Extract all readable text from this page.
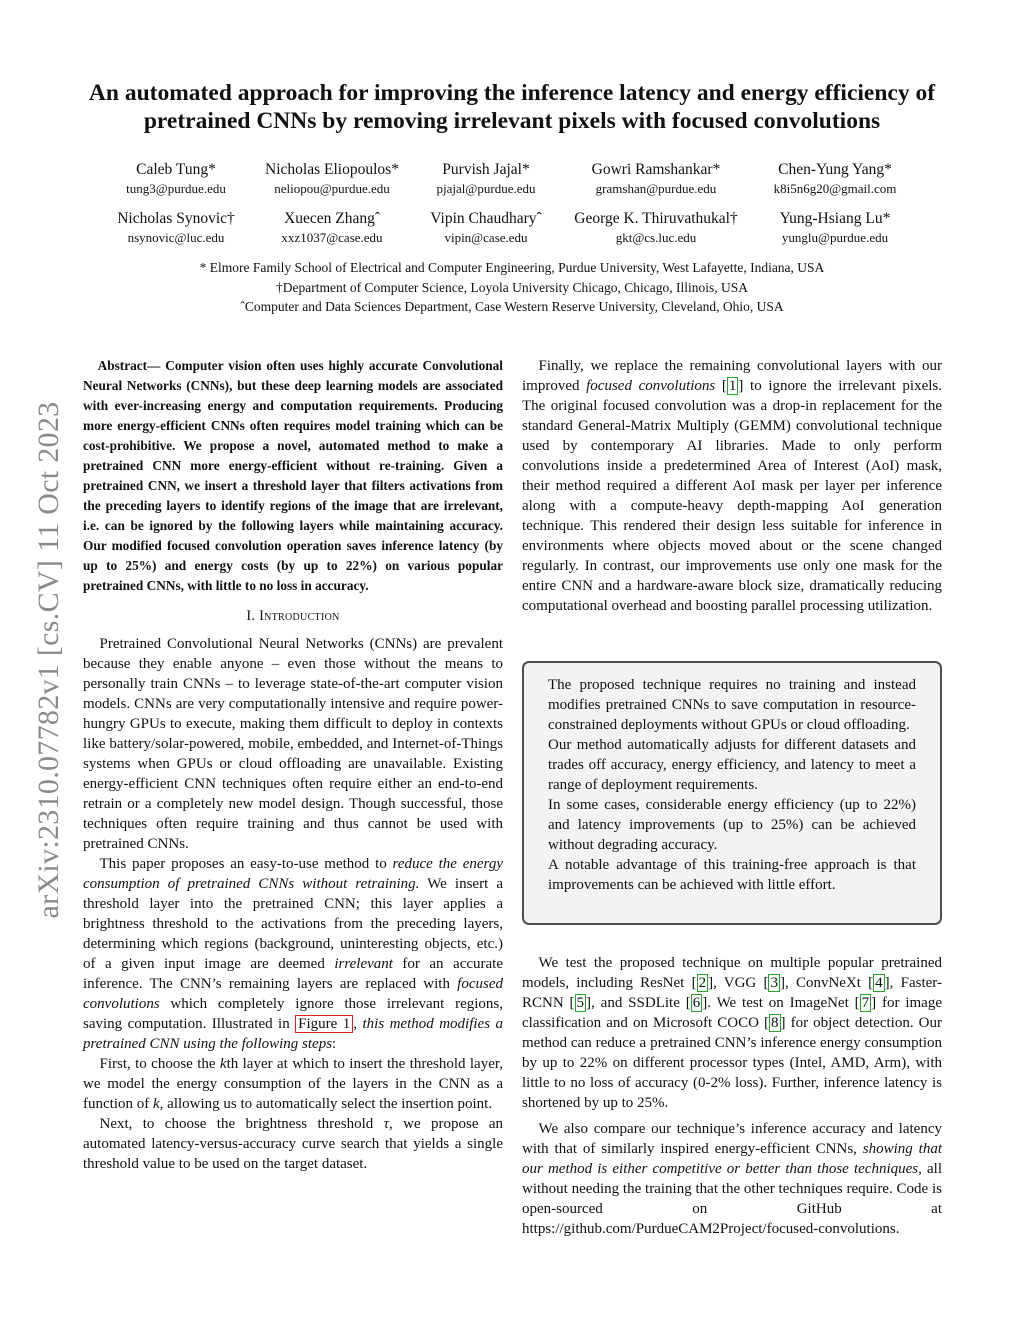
arXiv:2310.07782v1 [cs.CV] 11 Oct 2023
An automated approach for improving the inference latency and energy efficiency of
pretrained CNNs by removing irrelevant pixels with focused convolutions
Caleb Tung*
tung3@purdue.edu
Nicholas Eliopoulos*
neliopou@purdue.edu
Purvish Jajal*
pjajal@purdue.edu
Gowri Ramshankar*
gramshan@purdue.edu
Chen-Yung Yang*
k8i5n6g20@gmail.com
Nicholas Synovic†
nsynovic@luc.edu
Xuecen Zhangˆ
xxz1037@case.edu
Vipin Chaudharyˆ
vipin@case.edu
George K. Thiruvathukal†
gkt@cs.luc.edu
Yung-Hsiang Lu*
yunglu@purdue.edu
* Elmore Family School of Electrical and Computer Engineering, Purdue University, West Lafayette, Indiana, USA
†Department of Computer Science, Loyola University Chicago, Chicago, Illinois, USA
ˆComputer and Data Sciences Department, Case Western Reserve University, Cleveland, Ohio, USA

Abstract— Computer vision often uses highly accurate Convolutional Neural Networks (CNNs), but these deep learning models are associated with ever-increasing energy and computation requirements. Producing more energy-efficient CNNs often requires model training which can be cost-prohibitive. We propose a novel, automated method to make a pretrained CNN more energy-efficient without re-training. Given a pretrained CNN, we insert a threshold layer that filters activations from the preceding layers to identify regions of the image that are irrelevant, i.e. can be ignored by the following layers while maintaining accuracy. Our modified focused convolution operation saves inference latency (by up to 25%) and energy costs (by up to 22%) on various popular pretrained CNNs, with little to no loss in accuracy.

I. Introduction

Pretrained Convolutional Neural Networks (CNNs) are prevalent because they enable anyone – even those without the means to personally train CNNs – to leverage state-of-the-art computer vision models. CNNs are very computationally intensive and require power-hungry GPUs to execute, making them difficult to deploy in contexts like battery/solar-powered, mobile, embedded, and Internet-of-Things systems when GPUs or cloud offloading are unavailable. Existing energy-efficient CNN techniques often require either an end-to-end retrain or a completely new model design. Though successful, those techniques often require training and thus cannot be used with pretrained CNNs.

This paper proposes an easy-to-use method to reduce the energy consumption of pretrained CNNs without retraining. We insert a threshold layer into the pretrained CNN; this layer applies a brightness threshold to the activations from the preceding layers, determining which regions (background, uninteresting objects, etc.) of a given input image are deemed irrelevant for an accurate inference. The CNN’s remaining layers are replaced with focused convolutions which completely ignore those irrelevant regions, saving computation. Illustrated in Figure 1 , this method modifies a pretrained CNN using the following steps:

First, to choose the kth layer at which to insert the threshold layer, we model the energy consumption of the layers in the CNN as a function of k, allowing us to automatically select the insertion point.

Next, to choose the brightness threshold τ, we propose an automated latency-versus-accuracy curve search that yields a single threshold value to be used on the target dataset.

Finally, we replace the remaining convolutional layers with our improved focused convolutions [ 1 ] to ignore the irrelevant pixels. The original focused convolution was a drop-in replacement for the standard General-Matrix Multiply (GEMM) convolutional technique used by contemporary AI libraries. Made to only perform convolutions inside a predetermined Area of Interest (AoI) mask, their method required a different AoI mask per layer per inference along with a compute-heavy depth-mapping AoI generation technique. This rendered their design less suitable for inference in environments where objects moved about or the scene changed regularly. In contrast, our improvements use only one mask for the entire CNN and a hardware-aware block size, dramatically reducing computational overhead and boosting parallel processing utilization.

The proposed technique requires no training and instead modifies pretrained CNNs to save computation in resource-constrained deployments without GPUs or cloud offloading.

Our method automatically adjusts for different datasets and trades off accuracy, energy efficiency, and latency to meet a range of deployment requirements.

In some cases, considerable energy efficiency (up to 22%) and latency improvements (up to 25%) can be achieved without degrading accuracy.

A notable advantage of this training-free approach is that improvements can be achieved with little effort.

We test the proposed technique on multiple popular pretrained models, including ResNet [ 2 ], VGG [ 3 ], ConvNeXt [ 4 ], Faster-RCNN [ 5 ], and SSDLite [ 6 ]. We test on ImageNet [ 7 ] for image classification and on Microsoft COCO [ 8 ] for object detection. Our method can reduce a pretrained CNN’s inference energy consumption by up to 22% on different processor types (Intel, AMD, Arm), with little to no loss of accuracy (0-2% loss). Further, inference latency is shortened by up to 25%.

We also compare our technique’s inference accuracy and latency with that of similarly inspired energy-efficient CNNs, showing that our method is either competitive or better than those techniques, all without needing the training that the other techniques require. Code is open-sourced on GitHub at https://github.com/PurdueCAM2Project/focused-convolutions.
